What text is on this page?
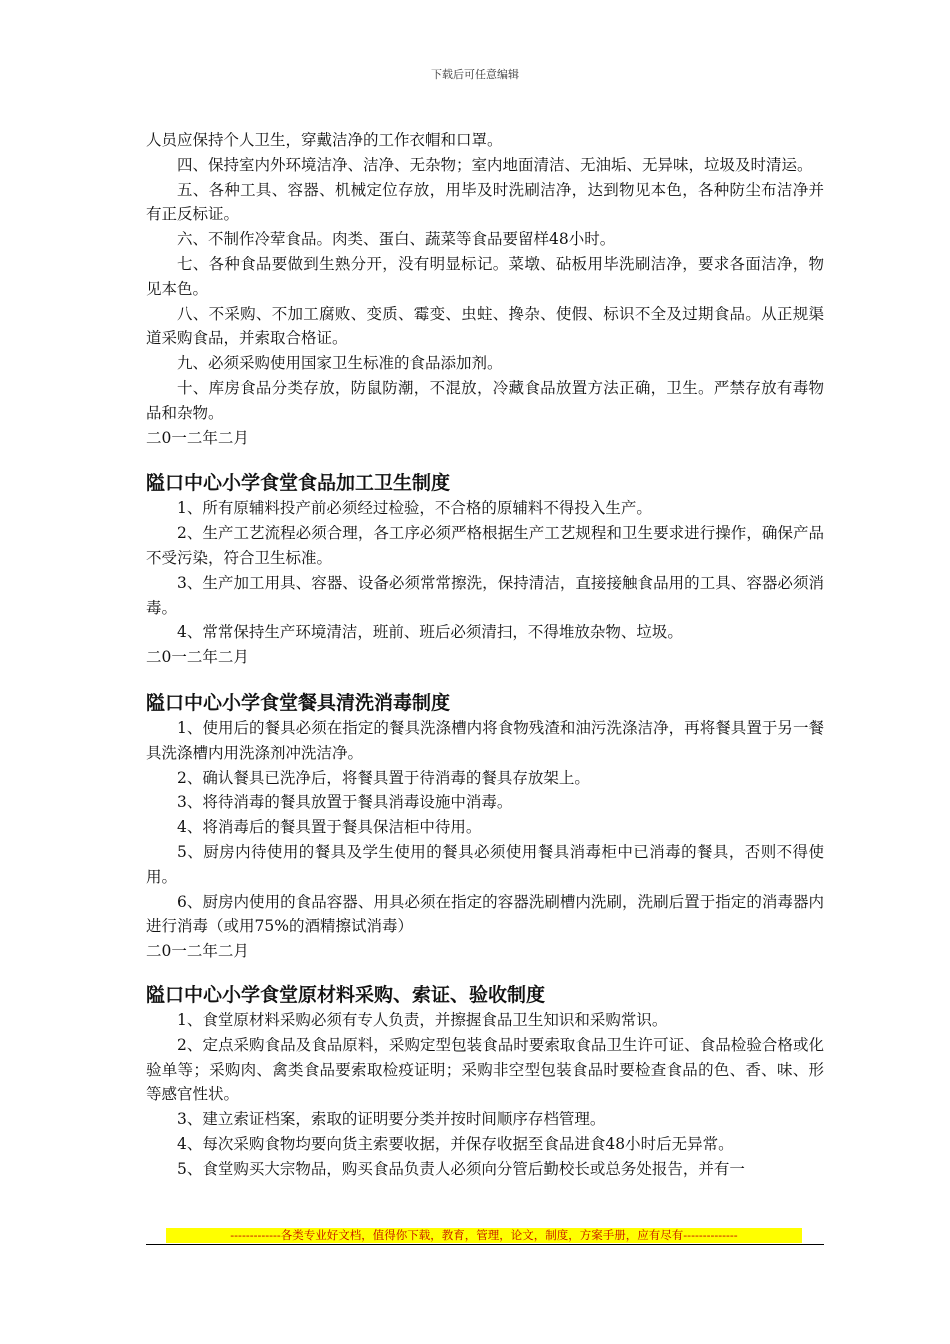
下载后可任意编辑

人员应保持个人卫生，穿戴洁净的工作衣帽和口罩。

四、保持室内外环境洁净、洁净、无杂物；室内地面清洁、无油垢、无异味，垃圾及时清运。

五、各种工具、容器、机械定位存放，用毕及时洗刷洁净，达到物见本色，各种防尘布洁净并有正反标证。

六、不制作冷荤食品。肉类、蛋白、蔬菜等食品要留样48小时。

七、各种食品要做到生熟分开，没有明显标记。菜墩、砧板用毕洗刷洁净，要求各面洁净，物见本色。

八、不采购、不加工腐败、变质、霉变、虫蛀、搀杂、使假、标识不全及过期食品。从正规渠道采购食品，并索取合格证。

九、必须采购使用国家卫生标准的食品添加剂。

十、库房食品分类存放，防鼠防潮，不混放，冷藏食品放置方法正确，卫生。严禁存放有毒物品和杂物。

二0一二年二月

隘口中心小学食堂食品加工卫生制度

1、所有原辅料投产前必须经过检验，不合格的原辅料不得投入生产。

2、生产工艺流程必须合理，各工序必须严格根据生产工艺规程和卫生要求进行操作，确保产品不受污染，符合卫生标准。

3、生产加工用具、容器、设备必须常常擦洗，保持清洁，直接接触食品用的工具、容器必须消毒。

4、常常保持生产环境清洁，班前、班后必须清扫，不得堆放杂物、垃圾。

二0一二年二月

隘口中心小学食堂餐具清洗消毒制度

1、使用后的餐具必须在指定的餐具洗涤槽内将食物残渣和油污洗涤洁净，再将餐具置于另一餐具洗涤槽内用洗涤剂冲洗洁净。

2、确认餐具已洗净后，将餐具置于待消毒的餐具存放架上。

3、将待消毒的餐具放置于餐具消毒设施中消毒。

4、将消毒后的餐具置于餐具保洁柜中待用。

5、厨房内待使用的餐具及学生使用的餐具必须使用餐具消毒柜中已消毒的餐具，否则不得使用。

6、厨房内使用的食品容器、用具必须在指定的容器洗刷槽内洗刷，洗刷后置于指定的消毒器内进行消毒（或用75%的酒精擦试消毒）

二0一二年二月

隘口中心小学食堂原材料采购、索证、验收制度

1、食堂原材料采购必须有专人负责，并擦握食品卫生知识和采购常识。

2、定点采购食品及食品原料，采购定型包装食品时要索取食品卫生许可证、食品检验合格或化验单等；采购肉、禽类食品要索取检疫证明；采购非空型包装食品时要检查食品的色、香、味、形等感官性状。

3、建立索证档案，索取的证明要分类并按时间顺序存档管理。

4、每次采购食物均要向货主索要收据，并保存收据至食品进食48小时后无异常。

5、食堂购买大宗物品，购买食品负责人必须向分管后勤校长或总务处报告，并有一

-------------各类专业好文档，值得你下载，教育，管理，论文，制度，方案手册，应有尽有--------------
